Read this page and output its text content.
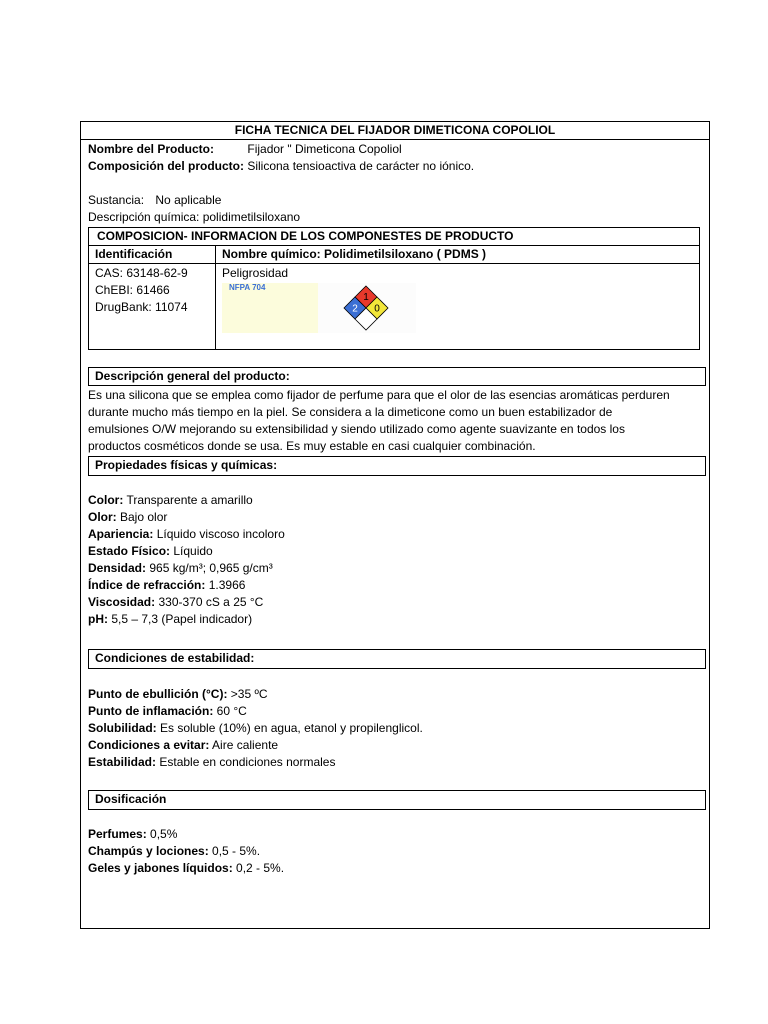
FICHA TECNICA DEL FIJADOR DIMETICONA COPOLIOL
Nombre del Producto:	Fijador " Dimeticona Copoliol
Composición del producto: Silicona tensioactiva de carácter no iónico.
Sustancia: No aplicable
Descripción química: polidimetilsiloxano
COMPOSICION- INFORMACION DE LOS COMPONESTES DE PRODUCTO
Identificación	Nombre químico: Polidimetilsiloxano ( PDMS )
CAS: 63148-62-9
ChEBI: 61466
DrugBank: 11074
Peligrosidad
NFPA 704
1
2 0
Descripción general del producto:
Es una silicona que se emplea como fijador de perfume para que el olor de las esencias aromáticas perduren
durante mucho más tiempo en la piel. Se considera a la dimeticone como un buen estabilizador de
emulsiones O/W mejorando su extensibilidad y siendo utilizado como agente suavizante en todos los
productos cosméticos donde se usa. Es muy estable en casi cualquier combinación.
Propiedades físicas y químicas:
Color: Transparente a amarillo
Olor: Bajo olor
Apariencia: Líquido viscoso incoloro
Estado Físico: Líquido
Densidad: 965 kg/m³; 0,965 g/cm³
Índice de refracción: 1.3966
Viscosidad: 330-370 cS a 25 °C
pH: 5,5 – 7,3 (Papel indicador)
Condiciones de estabilidad:
Punto de ebullición (°C): >35 ºC
Punto de inflamación: 60 °C
Solubilidad: Es soluble (10%) en agua, etanol y propilenglicol.
Condiciones a evitar: Aire caliente
Estabilidad: Estable en condiciones normales
Dosificación
Perfumes: 0,5%
Champús y lociones: 0,5 - 5%.
Geles y jabones líquidos: 0,2 - 5%.
